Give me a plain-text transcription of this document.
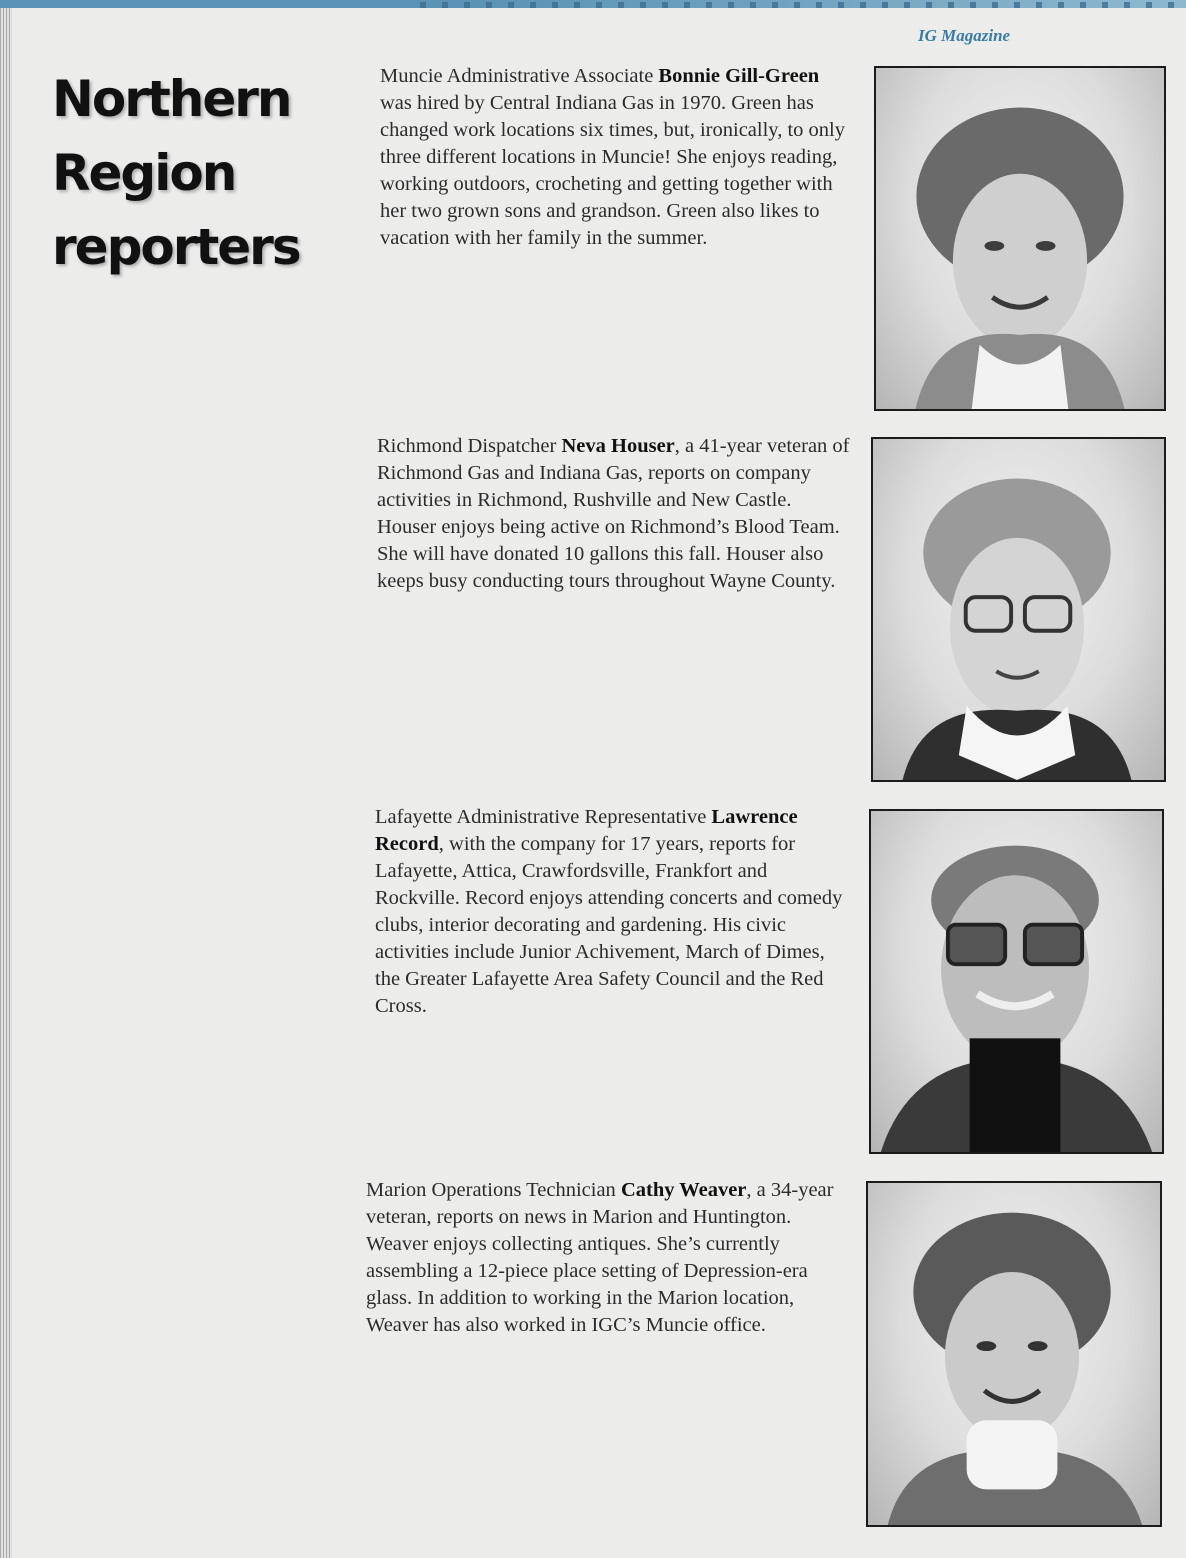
IG Magazine
Northern
Region
reporters

Muncie Administrative Associate Bonnie Gill-Green was hired by Central Indiana Gas in 1970. Green has changed work locations six times, but, ironically, to only three different locations in Muncie! She enjoys reading, working outdoors, crocheting and getting together with her two grown sons and grandson. Green also likes to vacation with her family in the summer.

Richmond Dispatcher Neva Houser, a 41-year veteran of Richmond Gas and Indiana Gas, reports on company activities in Richmond, Rushville and New Castle. Houser enjoys being active on Richmond’s Blood Team. She will have donated 10 gallons this fall. Houser also keeps busy conducting tours throughout Wayne County.

Lafayette Administrative Representative Lawrence Record, with the company for 17 years, reports for Lafayette, Attica, Crawfordsville, Frankfort and Rockville. Record enjoys attending concerts and comedy clubs, interior decorating and gardening. His civic activities include Junior Achivement, March of Dimes, the Greater Lafayette Area Safety Council and the Red Cross.

Marion Operations Technician Cathy Weaver, a 34-year veteran, reports on news in Marion and Huntington. Weaver enjoys collecting antiques. She’s currently assembling a 12-piece place setting of Depression-era glass. In addition to working in the Marion location, Weaver has also worked in IGC’s Muncie office.
